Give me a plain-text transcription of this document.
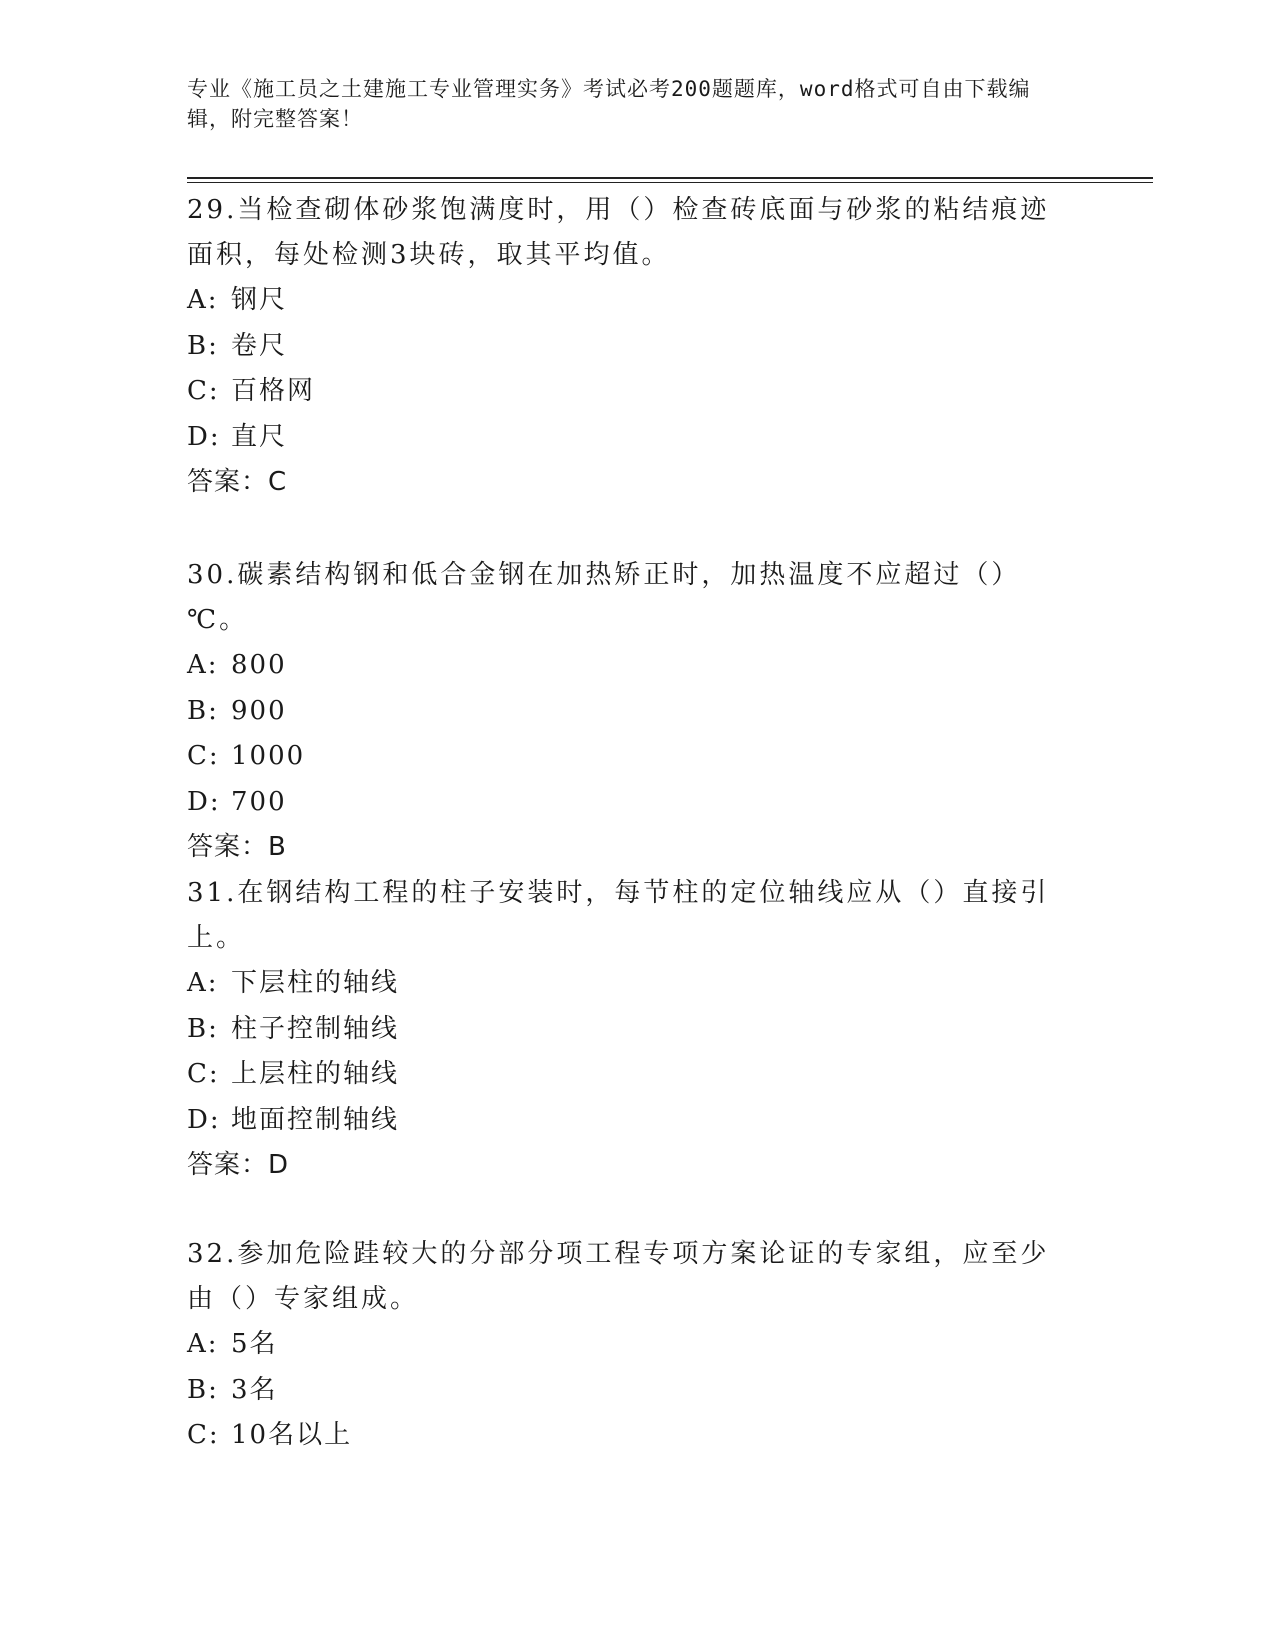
专业《施工员之土建施工专业管理实务》考试必考200题题库，word格式可自由下载编辑，附完整答案！

29.当检查砌体砂浆饱满度时，用（）检查砖底面与砂浆的粘结痕迹面积，每处检测3块砖，取其平均值。

A: 钢尺

B: 卷尺

C: 百格网

D: 直尺

答案：C

30.碳素结构钢和低合金钢在加热矫正时，加热温度不应超过（）℃。

A: 800

B: 900

C: 1000

D: 700

答案：B

31.在钢结构工程的柱子安装时，每节柱的定位轴线应从（）直接引上。

A: 下层柱的轴线

B: 柱子控制轴线

C: 上层柱的轴线

D: 地面控制轴线

答案：D

32.参加危险跬较大的分部分项工程专项方案论证的专家组，应至少由（）专家组成。

A: 5名

B: 3名

C: 10名以上
